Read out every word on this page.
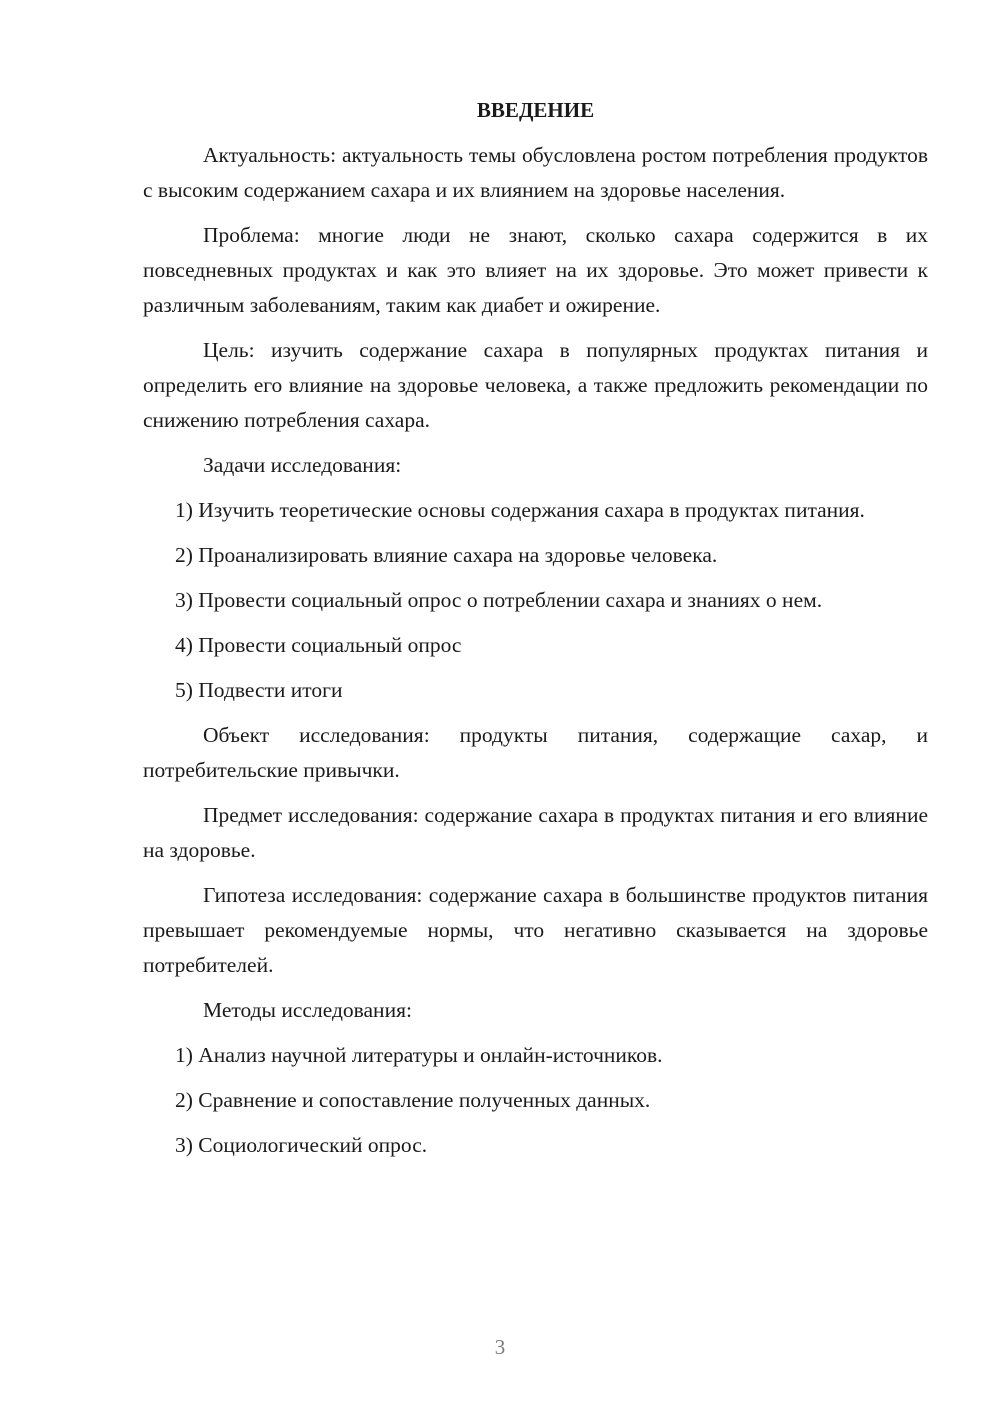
ВВЕДЕНИЕ

Актуальность: актуальность темы обусловлена ростом потребления продуктов с высоким содержанием сахара и их влиянием на здоровье населения.

Проблема: многие люди не знают, сколько сахара содержится в их повседневных продуктах и как это влияет на их здоровье. Это может привести к различным заболеваниям, таким как диабет и ожирение.

Цель: изучить содержание сахара в популярных продуктах питания и определить его влияние на здоровье человека, а также предложить рекомендации по снижению потребления сахара.

Задачи исследования:

1) Изучить теоретические основы содержания сахара в продуктах питания.

2) Проанализировать влияние сахара на здоровье человека.

3) Провести социальный опрос о потреблении сахара и знаниях о нем.

4) Провести социальный опрос

5) Подвести итоги

Объект исследования: продукты питания, содержащие сахар, и потребительские привычки.

Предмет исследования: содержание сахара в продуктах питания и его влияние на здоровье.

Гипотеза исследования: содержание сахара в большинстве продуктов питания превышает рекомендуемые нормы, что негативно сказывается на здоровье потребителей.

Методы исследования:

1) Анализ научной литературы и онлайн-источников.

2) Сравнение и сопоставление полученных данных.

3) Социологический опрос.

3
